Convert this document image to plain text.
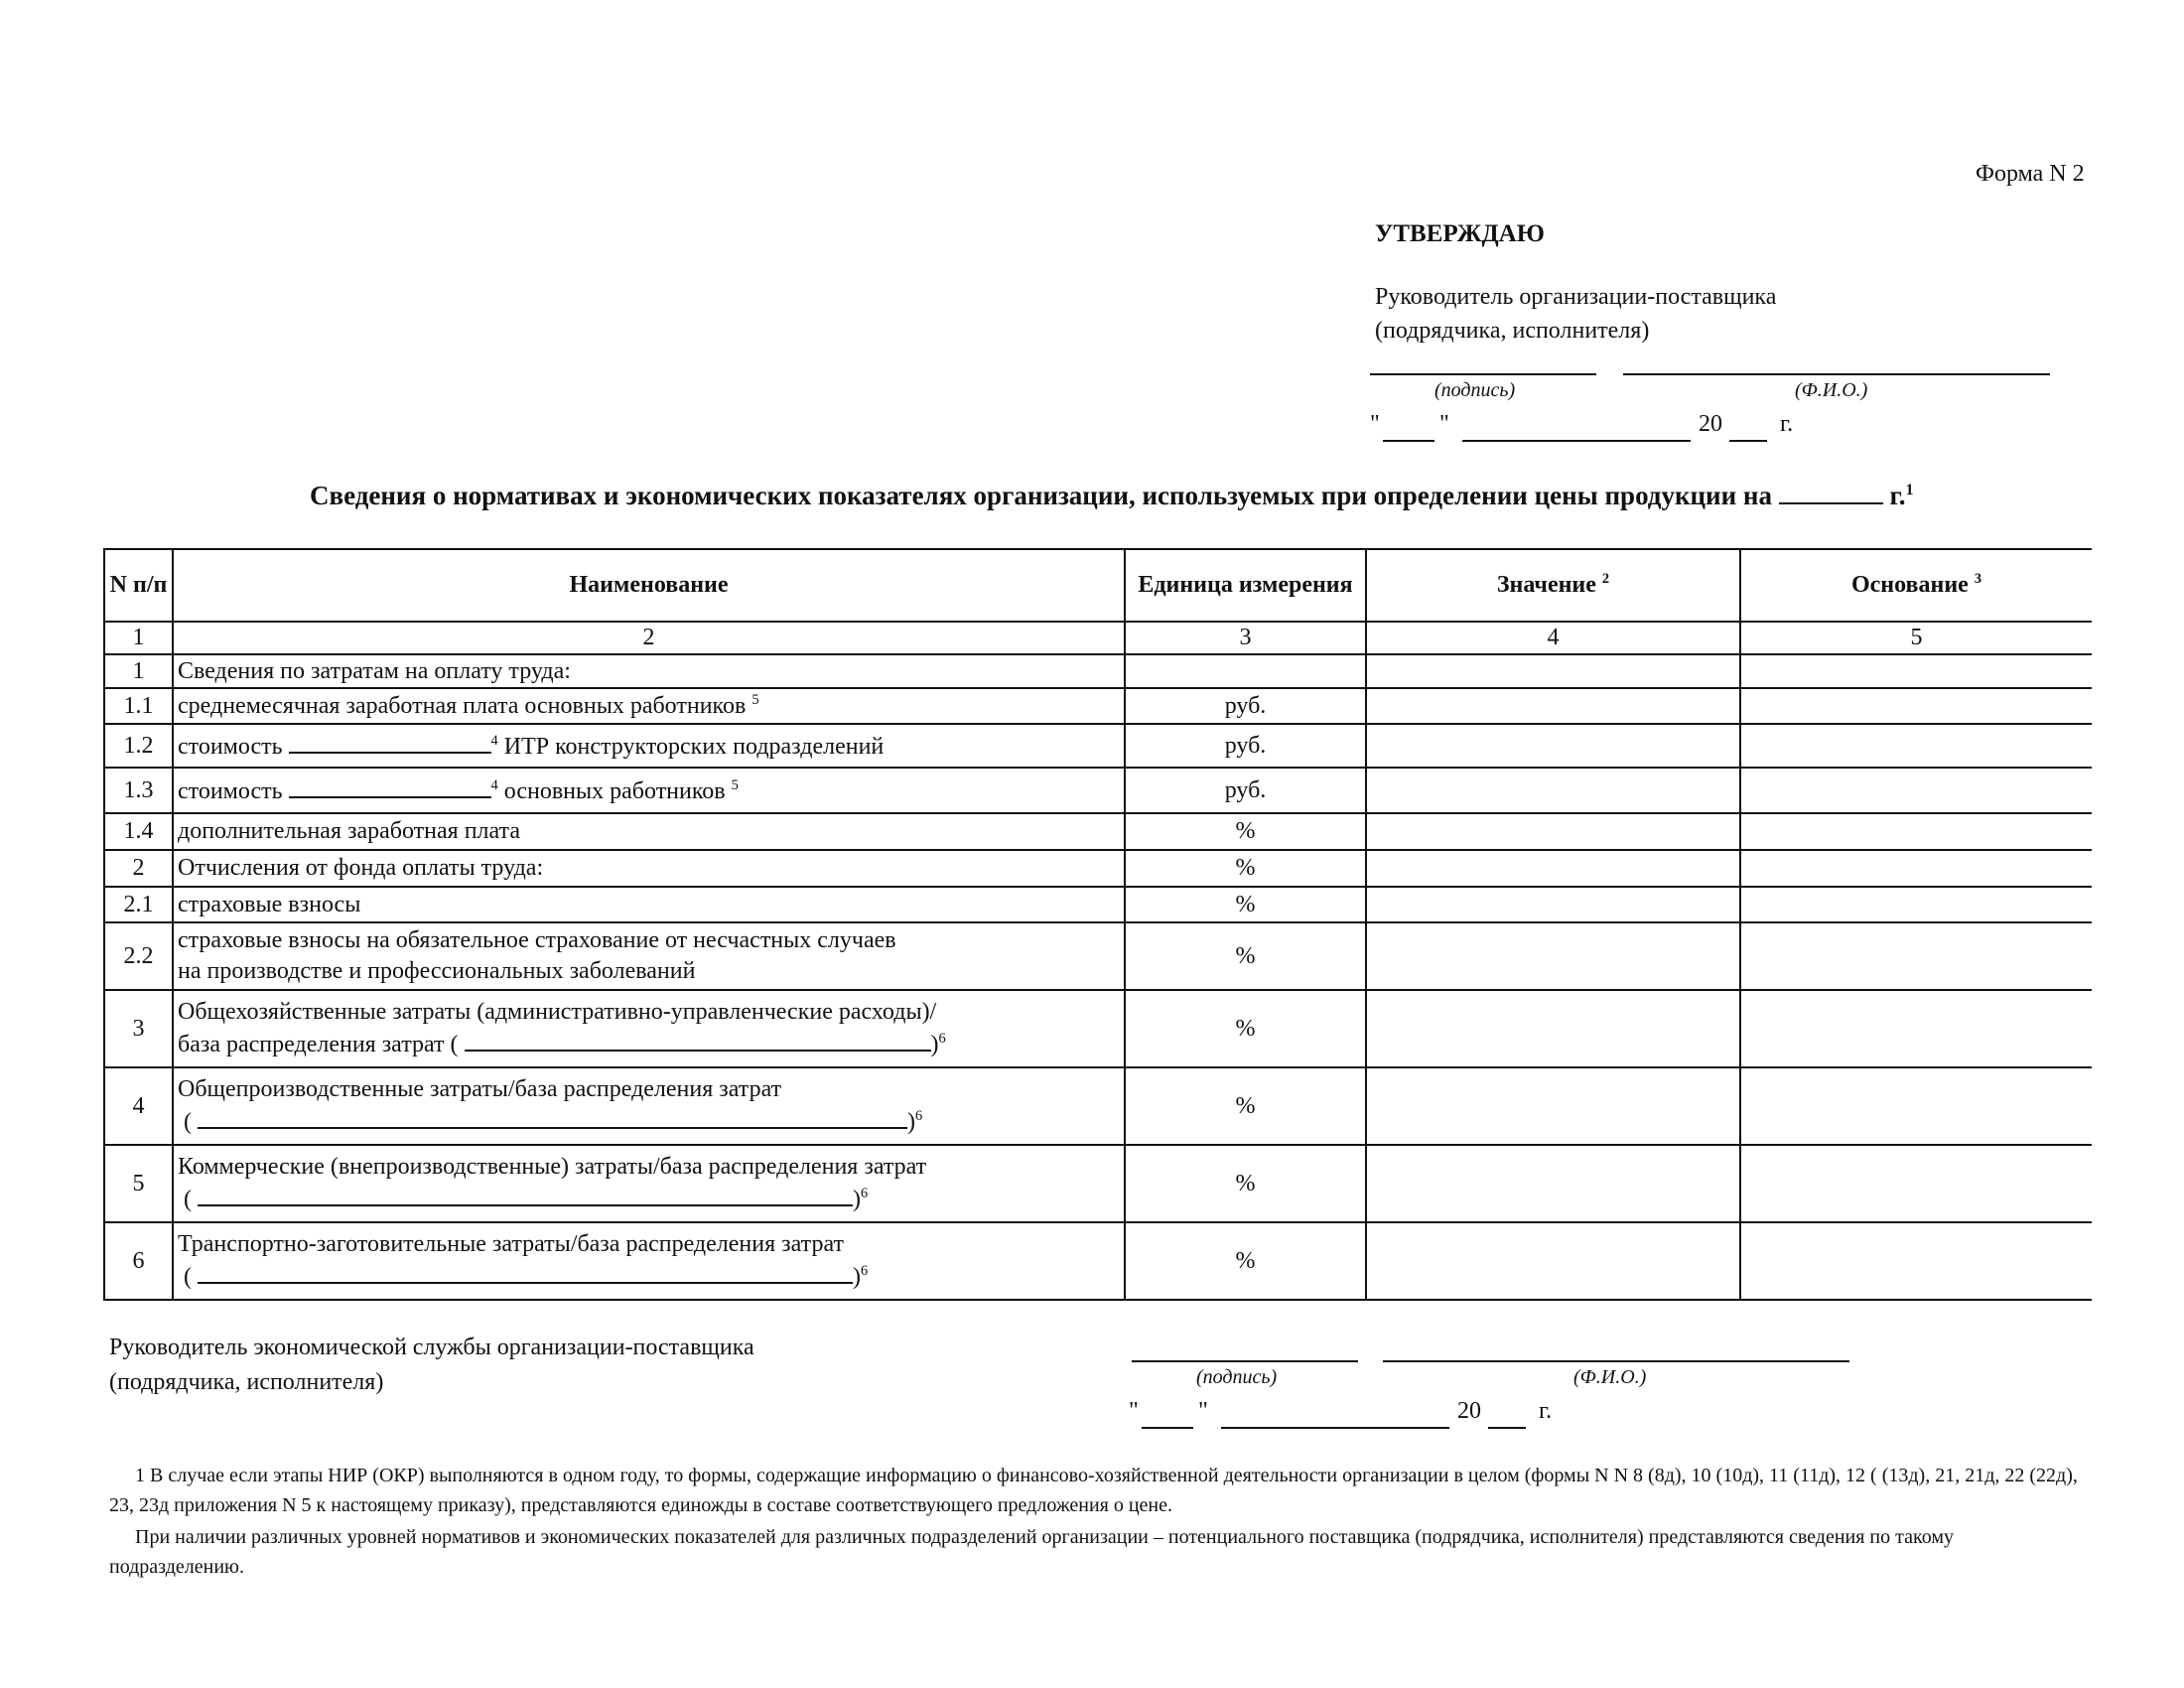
Форма N 2
УТВЕРЖДАЮ
Руководитель организации-поставщика
(подрядчика, исполнителя)
(подпись)	(Ф.И.О.)
"	"	20 г.
Сведения о нормативах и экономических показателях организации, используемых при определении цены продукции на	г.$^1$
N п/п	Наименование	Единица измерения	Значение $^2$	Основание $^3$
1	2	3	4	5
1	Сведения по затратам на оплату труда:			
1.1	среднемесячная заработная плата основных работников $^5$	руб.		
1.2	стоимость $^4$ ИТР конструкторских подразделений	руб.		
1.3	стоимость $^4$ основных работников $^5$	руб.		
1.4	дополнительная заработная плата	%		
2	Отчисления от фонда оплаты труда:	%		
2.1	страховые взносы	%		
2.2	страховые взносы на обязательное страхование от несчастных случаев
на производстве и профессиональных заболеваний	%		
3	Общехозяйственные затраты (административно-управленческие расходы)/
база распределения затрат ( )$^6$	%		
4	Общепроизводственные затраты/база распределения затрат
( )$^6$	%		
5	Коммерческие (внепроизводственные) затраты/база распределения затрат
( )$^6$	%		
6	Транспортно-заготовительные затраты/база распределения затрат
( )$^6$	%		
Руководитель экономической службы организации-поставщика
(подрядчика, исполнителя)	(подпись)	(Ф.И.О.)
"	"	20 г.
1 В случае если этапы НИР (ОКР) выполняются в одном году, то формы, содержащие информацию о финансово-хозяйственной деятельности организации в целом (формы N N 8 (8д), 10 (10д), 11 (11д), 12 ( (13д), 21, 21д, 22 (22д), 23, 23д приложения N 5 к настоящему приказу), представляются единожды в составе соответствующего предложения о цене.
При наличии различных уровней нормативов и экономических показателей для различных подразделений организации – потенциального поставщика (подрядчика, исполнителя) представляются сведения по такому подразделению.
